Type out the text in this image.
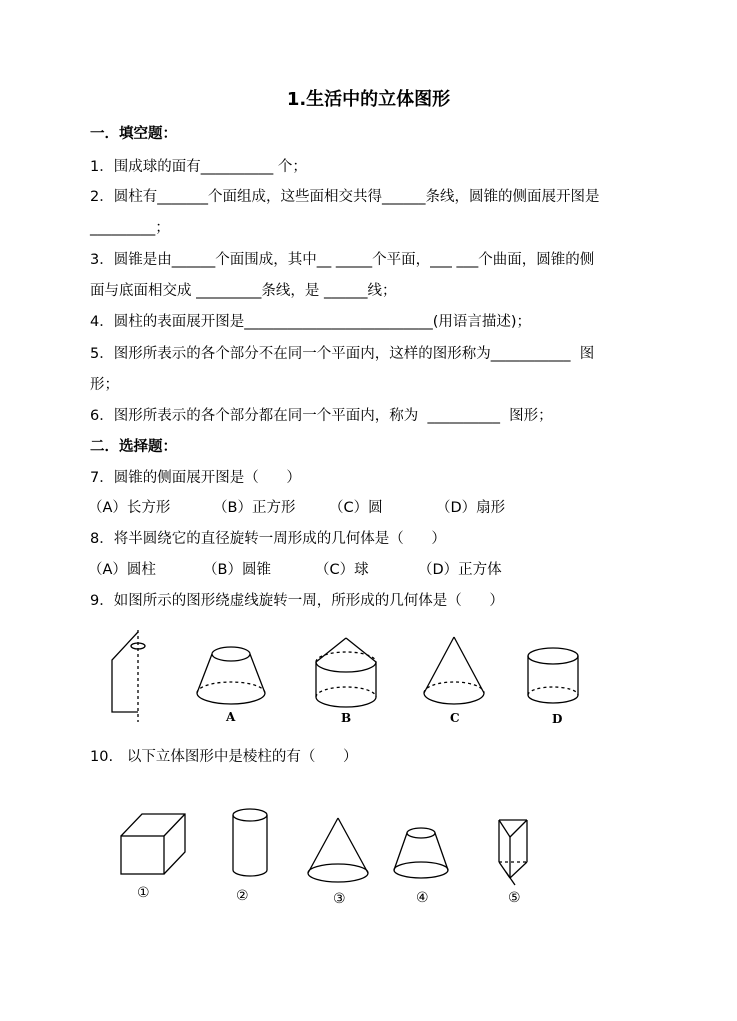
1.生活中的立体图形
一．填空题：
1．围成球的面有__________ 个；
2．圆柱有_______个面组成，这些面相交共得______条线，圆锥的侧面展开图是
_________；
3．圆锥是由______个面围成，其中__ _____个平面，___ ___个曲面，圆锥的侧
面与底面相交成 _________条线，是 ______线；
4．圆柱的表面展开图是__________________________(用语言描述)；
5．图形所表示的各个部分不在同一个平面内，这样的图形称为___________  图
形；
6．图形所表示的各个部分都在同一个平面内，称为  __________  图形；
二．选择题：
7．圆锥的侧面展开图是（      ）
（A）长方形	（B）正方形 （C）圆	（D）扇形
8．将半圆绕它的直径旋转一周形成的几何体是（      ）
（A）圆柱	（B）圆锥	（C）球	（D）正方体
9．如图所示的图形绕虚线旋转一周，所形成的几何体是（      ）
A	B	C	D
10.   以下立体图形中是棱柱的有（      ）
①	②	③	④	⑤
